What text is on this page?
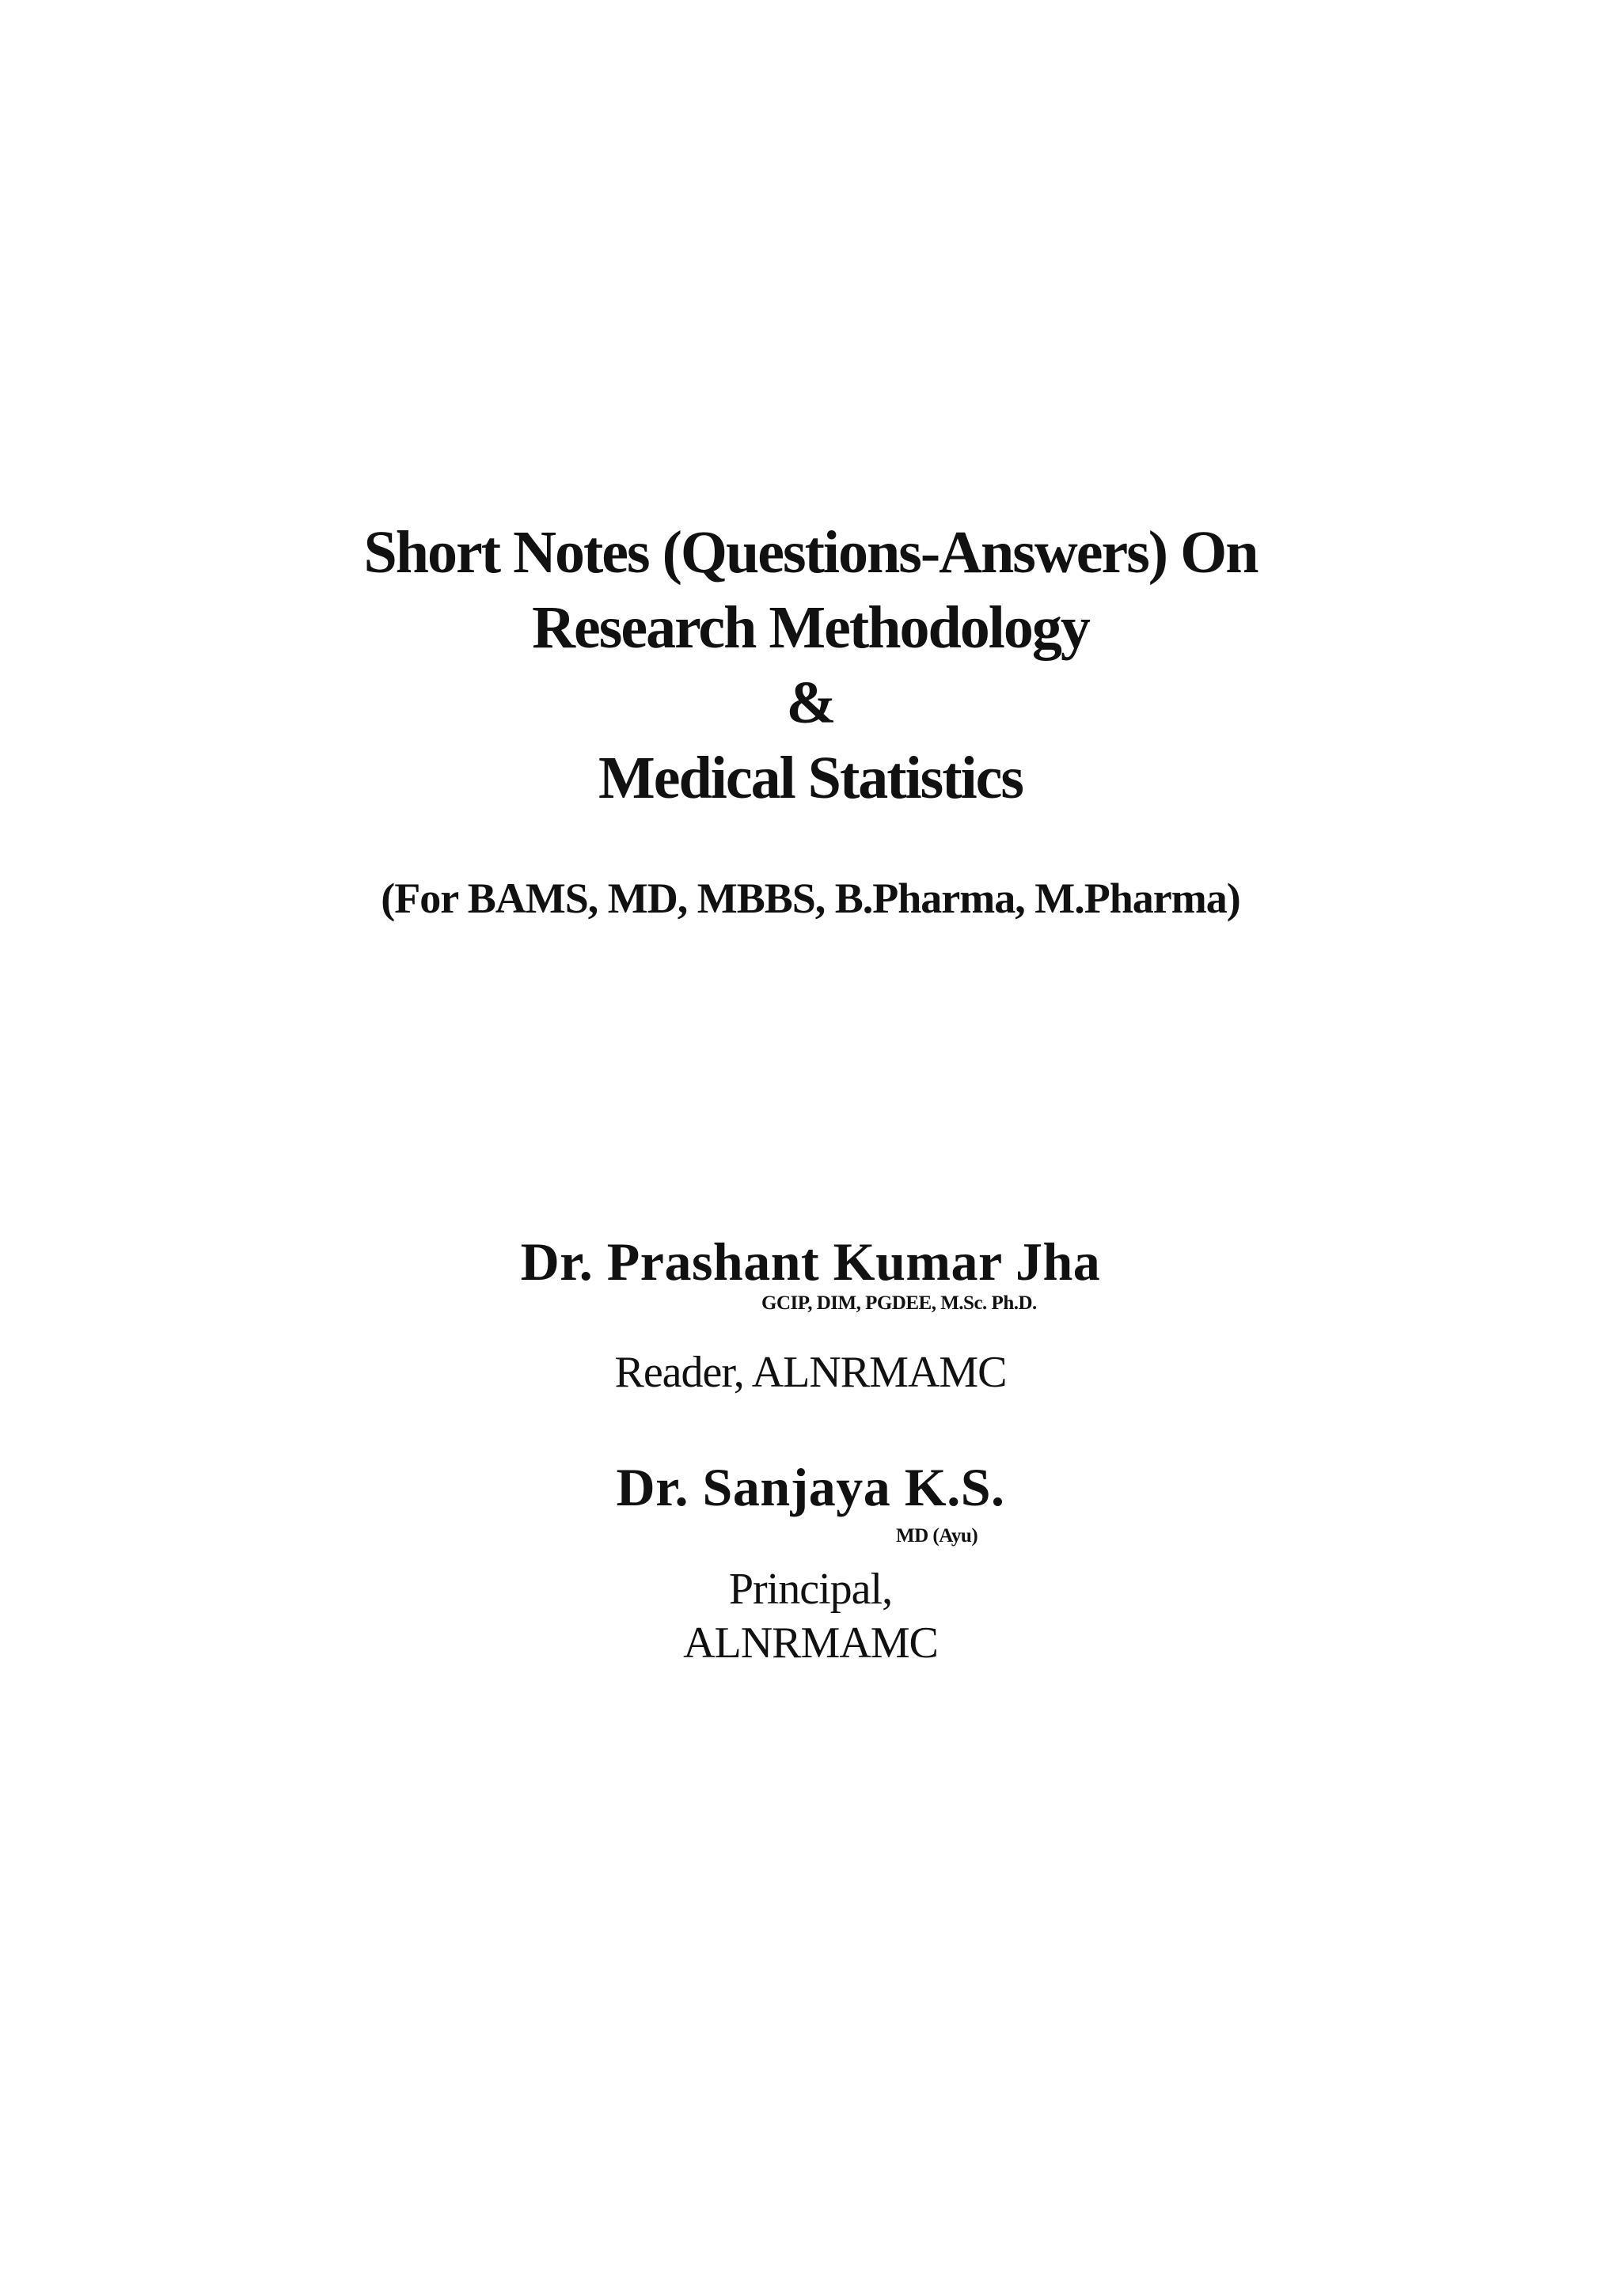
Short Notes (Questions-Answers) On
Research Methodology
&
Medical Statistics
(For BAMS, MD, MBBS, B.Pharma, M.Pharma)
Dr. Prashant Kumar Jha
GCIP, DIM, PGDEE, M.Sc. Ph.D.
Reader, ALNRMAMC
Dr. Sanjaya K.S.
MD (Ayu)
Principal,
ALNRMAMC
